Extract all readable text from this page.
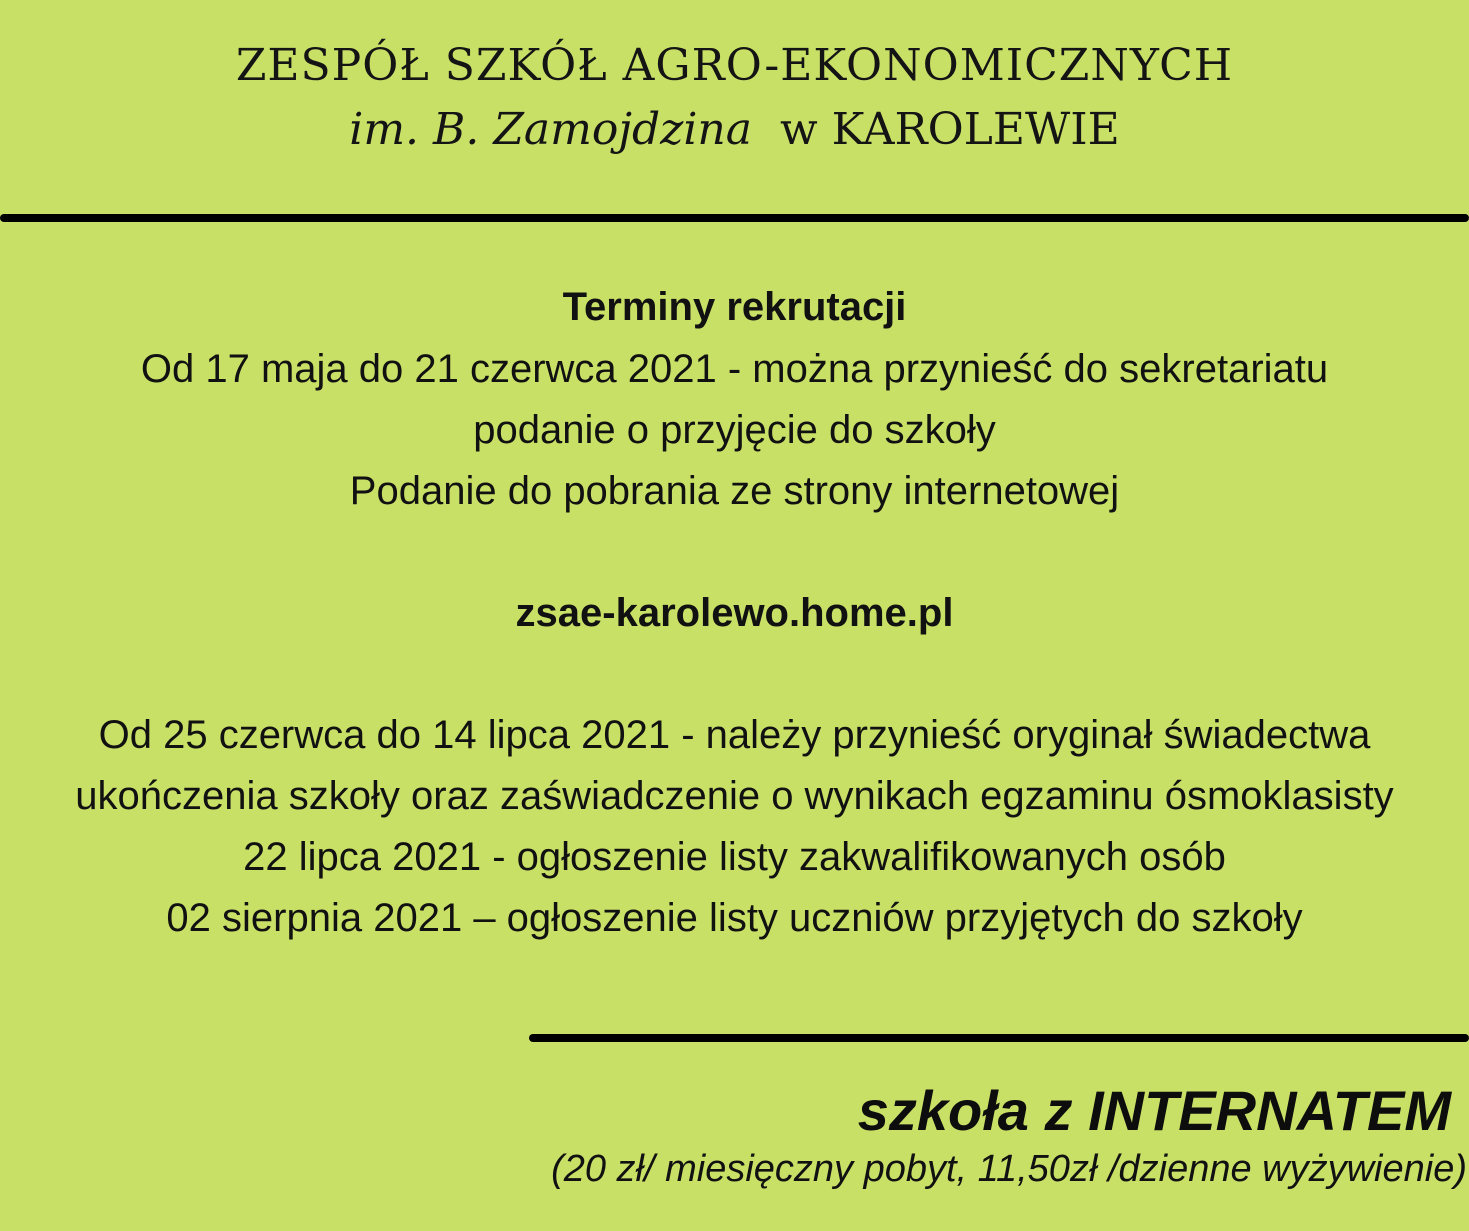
ZESPÓŁ SZKÓŁ AGRO-EKONOMICZNYCH
im. B. Zamojdzina w KAROLEWIE
Terminy rekrutacji
Od 17 maja do 21 czerwca 2021 - można przynieść do sekretariatu
podanie o przyjęcie do szkoły
Podanie do pobrania ze strony internetowej
zsae-karolewo.home.pl
Od 25 czerwca do 14 lipca 2021 - należy przynieść oryginał świadectwa
ukończenia szkoły oraz zaświadczenie o wynikach egzaminu ósmoklasisty
22 lipca 2021 - ogłoszenie listy zakwalifikowanych osób
02 sierpnia 2021 – ogłoszenie listy uczniów przyjętych do szkoły
szkoła z INTERNATEM
(20 zł/ miesięczny pobyt, 11,50zł /dzienne wyżywienie)
